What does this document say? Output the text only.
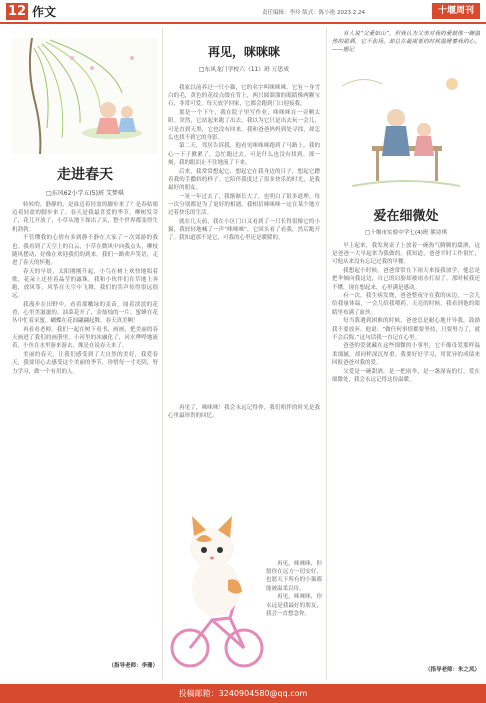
12 作文	责任编辑：李玲 版式：陈小艳 2023.2.24	十堰周刊
走进春天
□东风62小学五(5)班 艾梦琪

转转的，静静的，是谁迈着轻盈的脚步来了？是春姑娘迈着轻盈的脚步来了。春天是我最喜爱的季节，柳树发芽了，花儿开放了，小草从地下探出了头，整个世界都变得生机勃勃。

不管懂我的心情有多到静不静在大家了一次郊游的我也。我看到了天空上的白云，小草在微风中向我点头，柳枝随风摆动，好像在欢迎我们的到来。我们一路欢声笑语，走进了春天的怀抱。

春天的早晨，太阳刚刚升起，小鸟在树上欢快地唱着歌，花朵上还挂着晶莹的露珠。我和小伙伴们在草地上奔跑，放风筝，风筝在天空中飞舞，我们的笑声传得很远很远。

我漫步在田野中，看着那嫩绿的麦苗，闻着淡淡的花香，心里美滋滋的。油菜花开了，金灿灿的一片，蜜蜂在花丛中忙着采蜜，蝴蝶在花间翩翩起舞，春天真美啊！

再看看老师，我们一起在树下看书、画画，把美丽的春天画进了我们的画册里。小河里的冰融化了，河水哗哗地流着，小鱼在水里游来游去，像是在说春天来了。

美丽的春天，让我们感受到了大自然的美好，我爱春天，我要用心去感受这个美丽的季节，珍惜每一寸光阴，努力学习，做一个有用的人。

（指导老师：李珊）
再见，咪咪咪
□东风龙门学校六（11）班 万思成

我家以前养过一只小猫，它的名字叫咪咪咪。它有一身雪白的毛，黄色的花纹点缀在背上，两只圆溜溜的眼睛像两颗宝石，非常可爱。每天放学回家，它都会跑到门口迎接我。

那是一个下午，我在院子里写作业，咪咪咪在一旁晒太阳。突然，它站起来跑了出去，我以为它只是出去玩一会儿，可是直到天黑，它也没有回来。我和爸爸妈妈到处寻找，却怎么也找不到它的身影。

第二天，邻居告诉我，他看见咪咪咪跑到了马路上。我的心一下子揪紧了，急忙跑过去，可是什么也没有找到。那一刻，我的眼泪止不住地流了下来。

后来，我常常想起它，想起它在我身边的日子，想起它蹭着我的手撒娇的样子。它陪伴我度过了很多快乐的时光，是我最好的朋友。

一晃一年过去了，我渐渐长大了，也明白了很多道理。每一次分别都是为了更好的相遇，我相信咪咪咪一定在某个地方过着快乐的生活。

就在几天前，我在小区门口又看到了一只长得很像它的小猫，我轻轻地喊了一声“咪咪咪”，它回头看了看我，然后跑开了。我知道那不是它，可我的心里还是暖暖的。

再见了，咪咪咪！我会永远记得你，我们相伴的时光是我心里最珍贵的回忆。

再见，咪咪咪，但愿你在远方一切安好，也愿天下所有的小猫都能被温柔以待。

再见，咪咪咪，你永远是我最好的朋友，我会一直想念你。

有人说“父爱如山”，但我认为父亲对我的爱就像一碗温热的甜酒，它不张扬，却总在最需要的时候温暖着我的心。——题记

爱在细微处
□十堰市实验中学七(4)班 熊诗琪

早上起来，我发现桌子上放着一碗热气腾腾的甜酒，这是爸爸一大早起来为我做的。我知道，爸爸平时工作很忙，可他从来没有忘记过我的早餐。

我想起小时候，爸爸常常在下雨天来接我放学，他总是把伞倾向我这边，自己的肩膀却被雨水打湿了。那时候我还不懂，现在想起来，心里满是感动。

有一次，我生病发烧，爸爸整夜守在我的床边，一会儿给我量体温，一会儿给我喂药，天亮的时候，我看到他的眼睛里布满了血丝。

每当我遇到困难的时候，爸爸总是耐心地开导我，鼓励我不要放弃。他说：“做任何事情都要坚持，只要努力了，就不会后悔。”这句话我一直记在心里。

爸爸的爱就藏在这些细微的小事里，它不像母爱那样温柔细腻，却同样深沉厚重。我要好好学习，用优异的成绩来回报爸爸对我的爱。

父爱是一碗甜酒，是一把雨伞，是一盏深夜的灯。爱在细微处，我会永远记得这份温暖。

（指导老师：朱之凤）
投稿邮箱：3240904580@qq.com
